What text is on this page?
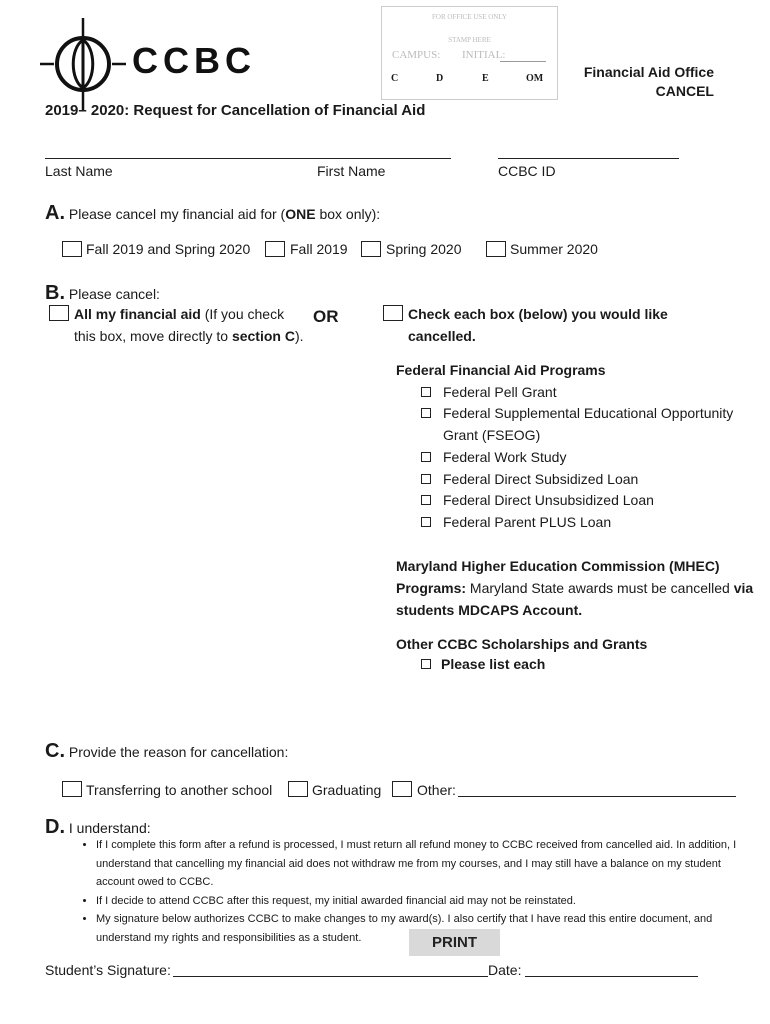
CCBC
FOR OFFICE USE ONLY
STAMP HERE
CAMPUS: INITIAL:
C	D	E	OM	Financial Aid Office
CANCEL
2019– 2020: Request for Cancellation of Financial Aid
Last Name	First Name	CCBC ID
A. Please cancel my financial aid for (ONE box only):
Fall 2019 and Spring 2020	Fall 2019	Spring 2020	Summer 2020
B. Please cancel:
All my financial aid (If you check
this box, move directly to section C).
OR	Check each box (below) you would like
cancelled.
Federal Financial Aid Programs
Federal Pell Grant
Federal Supplemental Educational Opportunity
Grant (FSEOG)
Federal Work Study
Federal Direct Subsidized Loan
Federal Direct Unsubsidized Loan
Federal Parent PLUS Loan
Maryland Higher Education Commission (MHEC)
Programs: Maryland State awards must be cancelled via
students MDCAPS Account.
Other CCBC Scholarships and Grants
Please list each
C. Provide the reason for cancellation:
Transferring to another school	Graduating	Other:
D. I understand:
• If I complete this form after a refund is processed, I must return all refund money to CCBC received from cancelled aid. In addition, I understand that cancelling my financial aid does not withdraw me from my courses, and I may still have a balance on my student account owed to CCBC.
• If I decide to attend CCBC after this request, my initial awarded financial aid may not be reinstated.
• My signature below authorizes CCBC to make changes to my award(s). I also certify that I have read this entire document, and understand my rights and responsibilities as a student.	PRINT
Student’s Signature:	Date:
